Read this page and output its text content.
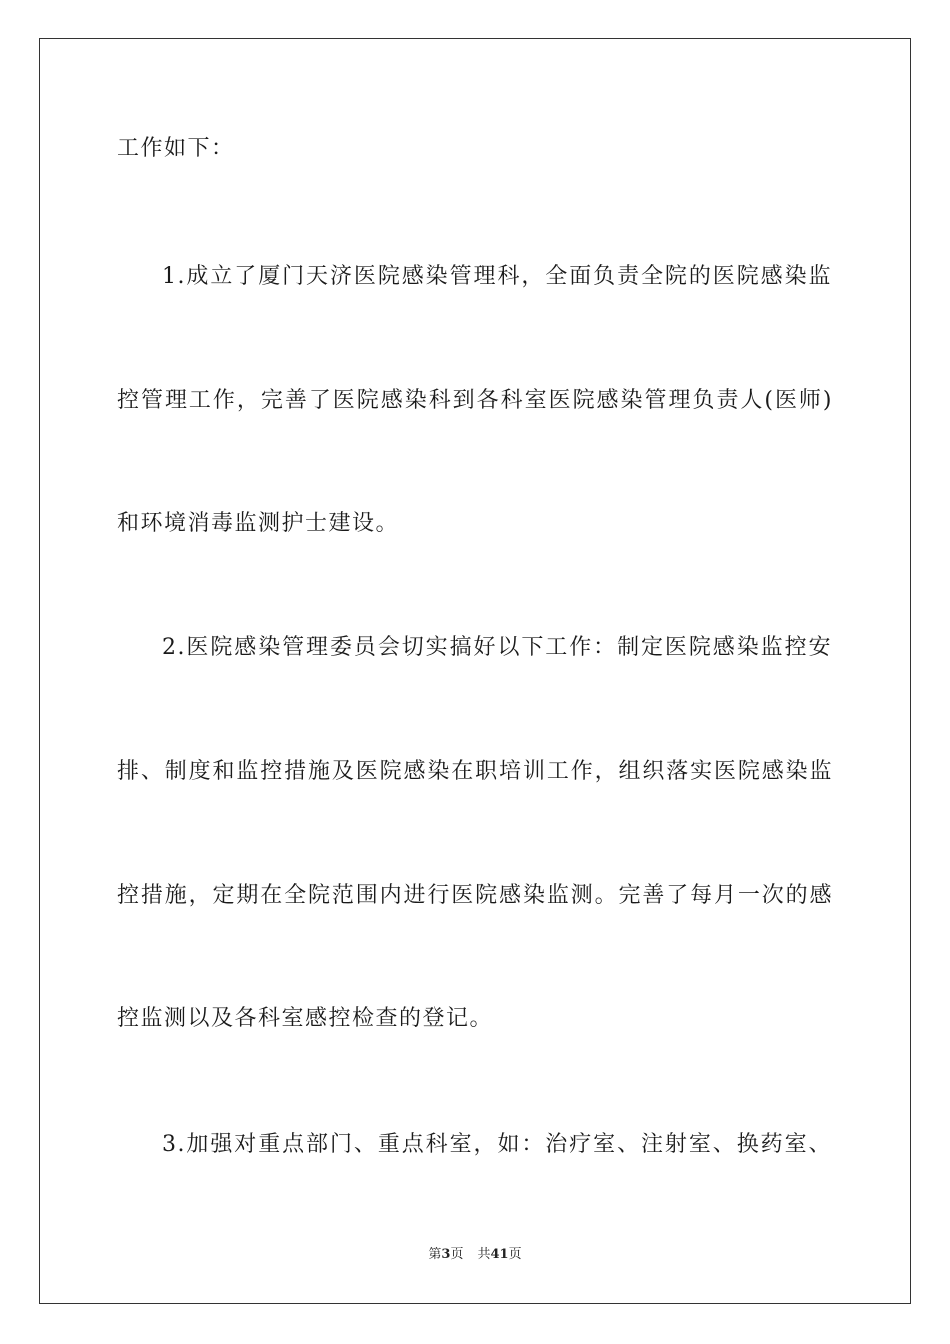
工作如下：
1.成立了厦门天济医院感染管理科，全面负责全院的医院感染监
控管理工作，完善了医院感染科到各科室医院感染管理负责人(医师)
和环境消毒监测护士建设。
2.医院感染管理委员会切实搞好以下工作：制定医院感染监控安
排、制度和监控措施及医院感染在职培训工作，组织落实医院感染监
控措施，定期在全院范围内进行医院感染监测。完善了每月一次的感
控监测以及各科室感控检查的登记。
3.加强对重点部门、重点科室，如：治疗室、注射室、换药室、
第3页 共41页
